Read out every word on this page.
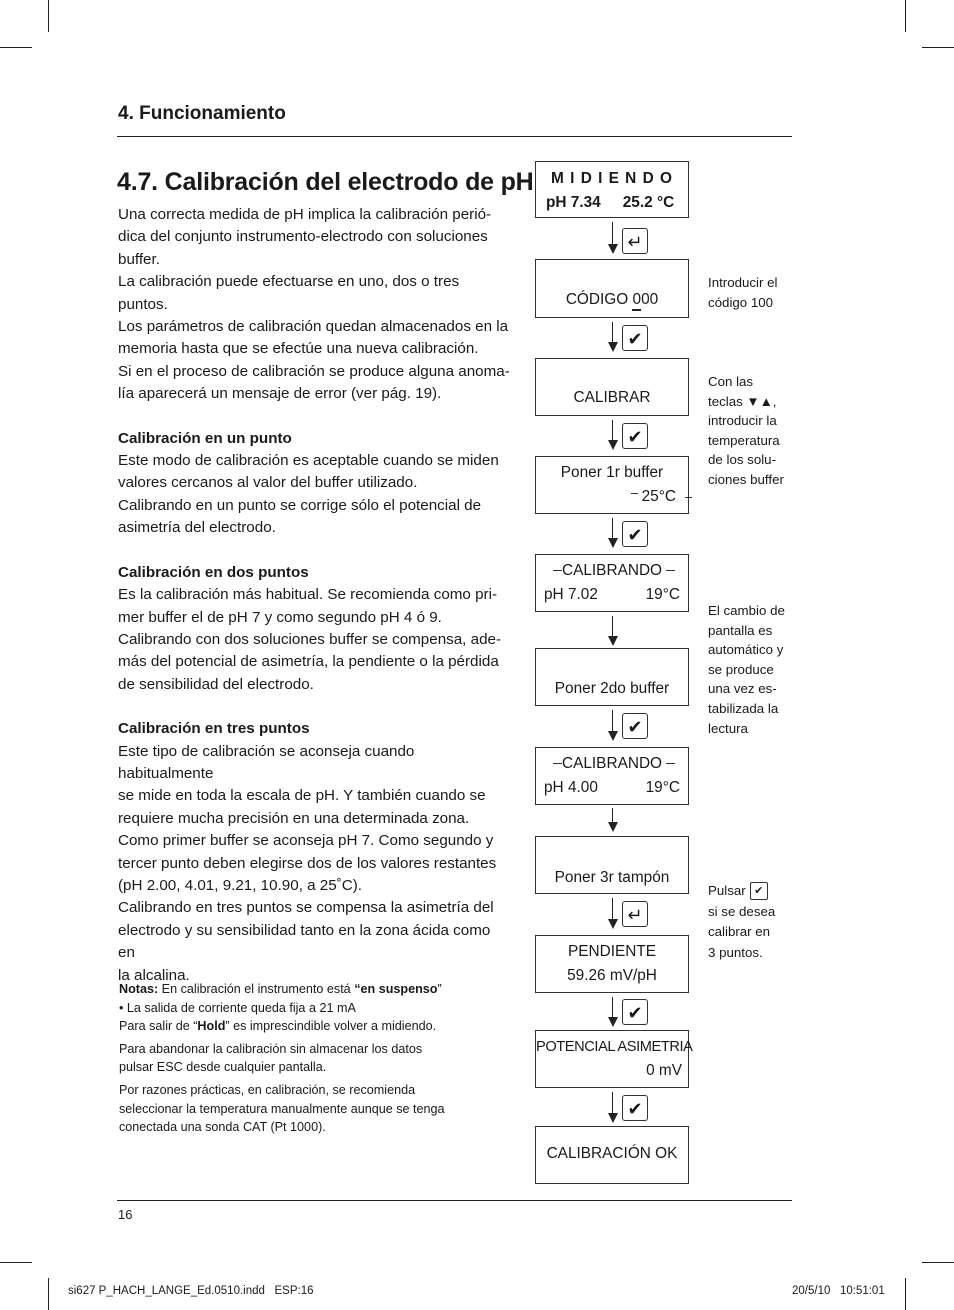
4. Funcionamiento
4.7. Calibración del electrodo de pH

Una correcta medida de pH implica la calibración perió-

dica del conjunto instrumento-electrodo con soluciones

buffer.

La calibración puede efectuarse en uno, dos o tres puntos.

Los parámetros de calibración quedan almacenados en la

memoria hasta que se efectúe una nueva calibración.

Si en el proceso de calibración se produce alguna anoma-

lía aparecerá un mensaje de error (ver pág. 19).

Calibración en un punto

Este modo de calibración es aceptable cuando se miden

valores cercanos al valor del buffer utilizado.

Calibrando en un punto se corrige sólo el potencial de

asimetría del electrodo.

Calibración en dos puntos

Es la calibración más habitual. Se recomienda como pri-

mer buffer el de pH 7 y como segundo pH 4 ó 9.

Calibrando con dos soluciones buffer se compensa, ade-

más del potencial de asimetría, la pendiente o la pérdida

de sensibilidad del electrodo.

Calibración en tres puntos

Este tipo de calibración se aconseja cuando habitualmente

se mide en toda la escala de pH. Y también cuando se

requiere mucha precisión en una determinada zona.

Como primer buffer se aconseja pH 7. Como segundo y

tercer punto deben elegirse dos de los valores restantes

(pH 2.00, 4.01, 9.21, 10.90, a 25˚C).

Calibrando en tres puntos se compensa la asimetría del

electrodo y su sensibilidad tanto en la zona ácida como en

la alcalina.

Notas: En calibración el instrumento está “en suspenso”

• La salida de corriente queda fija a 21 mA

Para salir de “Hold” es imprescindible volver a midiendo.

Para abandonar la calibración sin almacenar los datos

pulsar ESC desde cualquier pantalla.

Por razones prácticas, en calibración, se recomienda

seleccionar la temperatura manualmente aunque se tenga

conectada una sonda CAT (Pt 1000).

M I D I E N D O
pH 7.34 25.2 °C
↵
CÓDIGO 000
✔
CALIBRAR
✔
Poner 1r buffer
25°C
✔
CALIBRANDO
pH 7.02	19°C
Poner 2do buffer
✔
CALIBRANDO
pH 4.00	19°C
Poner 3r tampón
↵
PENDIENTE
59.26 mV/pH
✔
POTENCIAL ASIMETRIA
0 mV
✔
CALIBRACIÓN OK

Introducir el

código 100

Con las

teclas ▼▲,

introducir la

temperatura

de los solu-

ciones buffer

El cambio de

pantalla es

automático y

se produce

una vez es-

tabilizada la

lectura

Pulsar ✔

si se desea

calibrar en

3 puntos.

16
si627 P_HACH_LANGE_Ed.0510.indd   ESP:16	20/5/10   10:51:01
